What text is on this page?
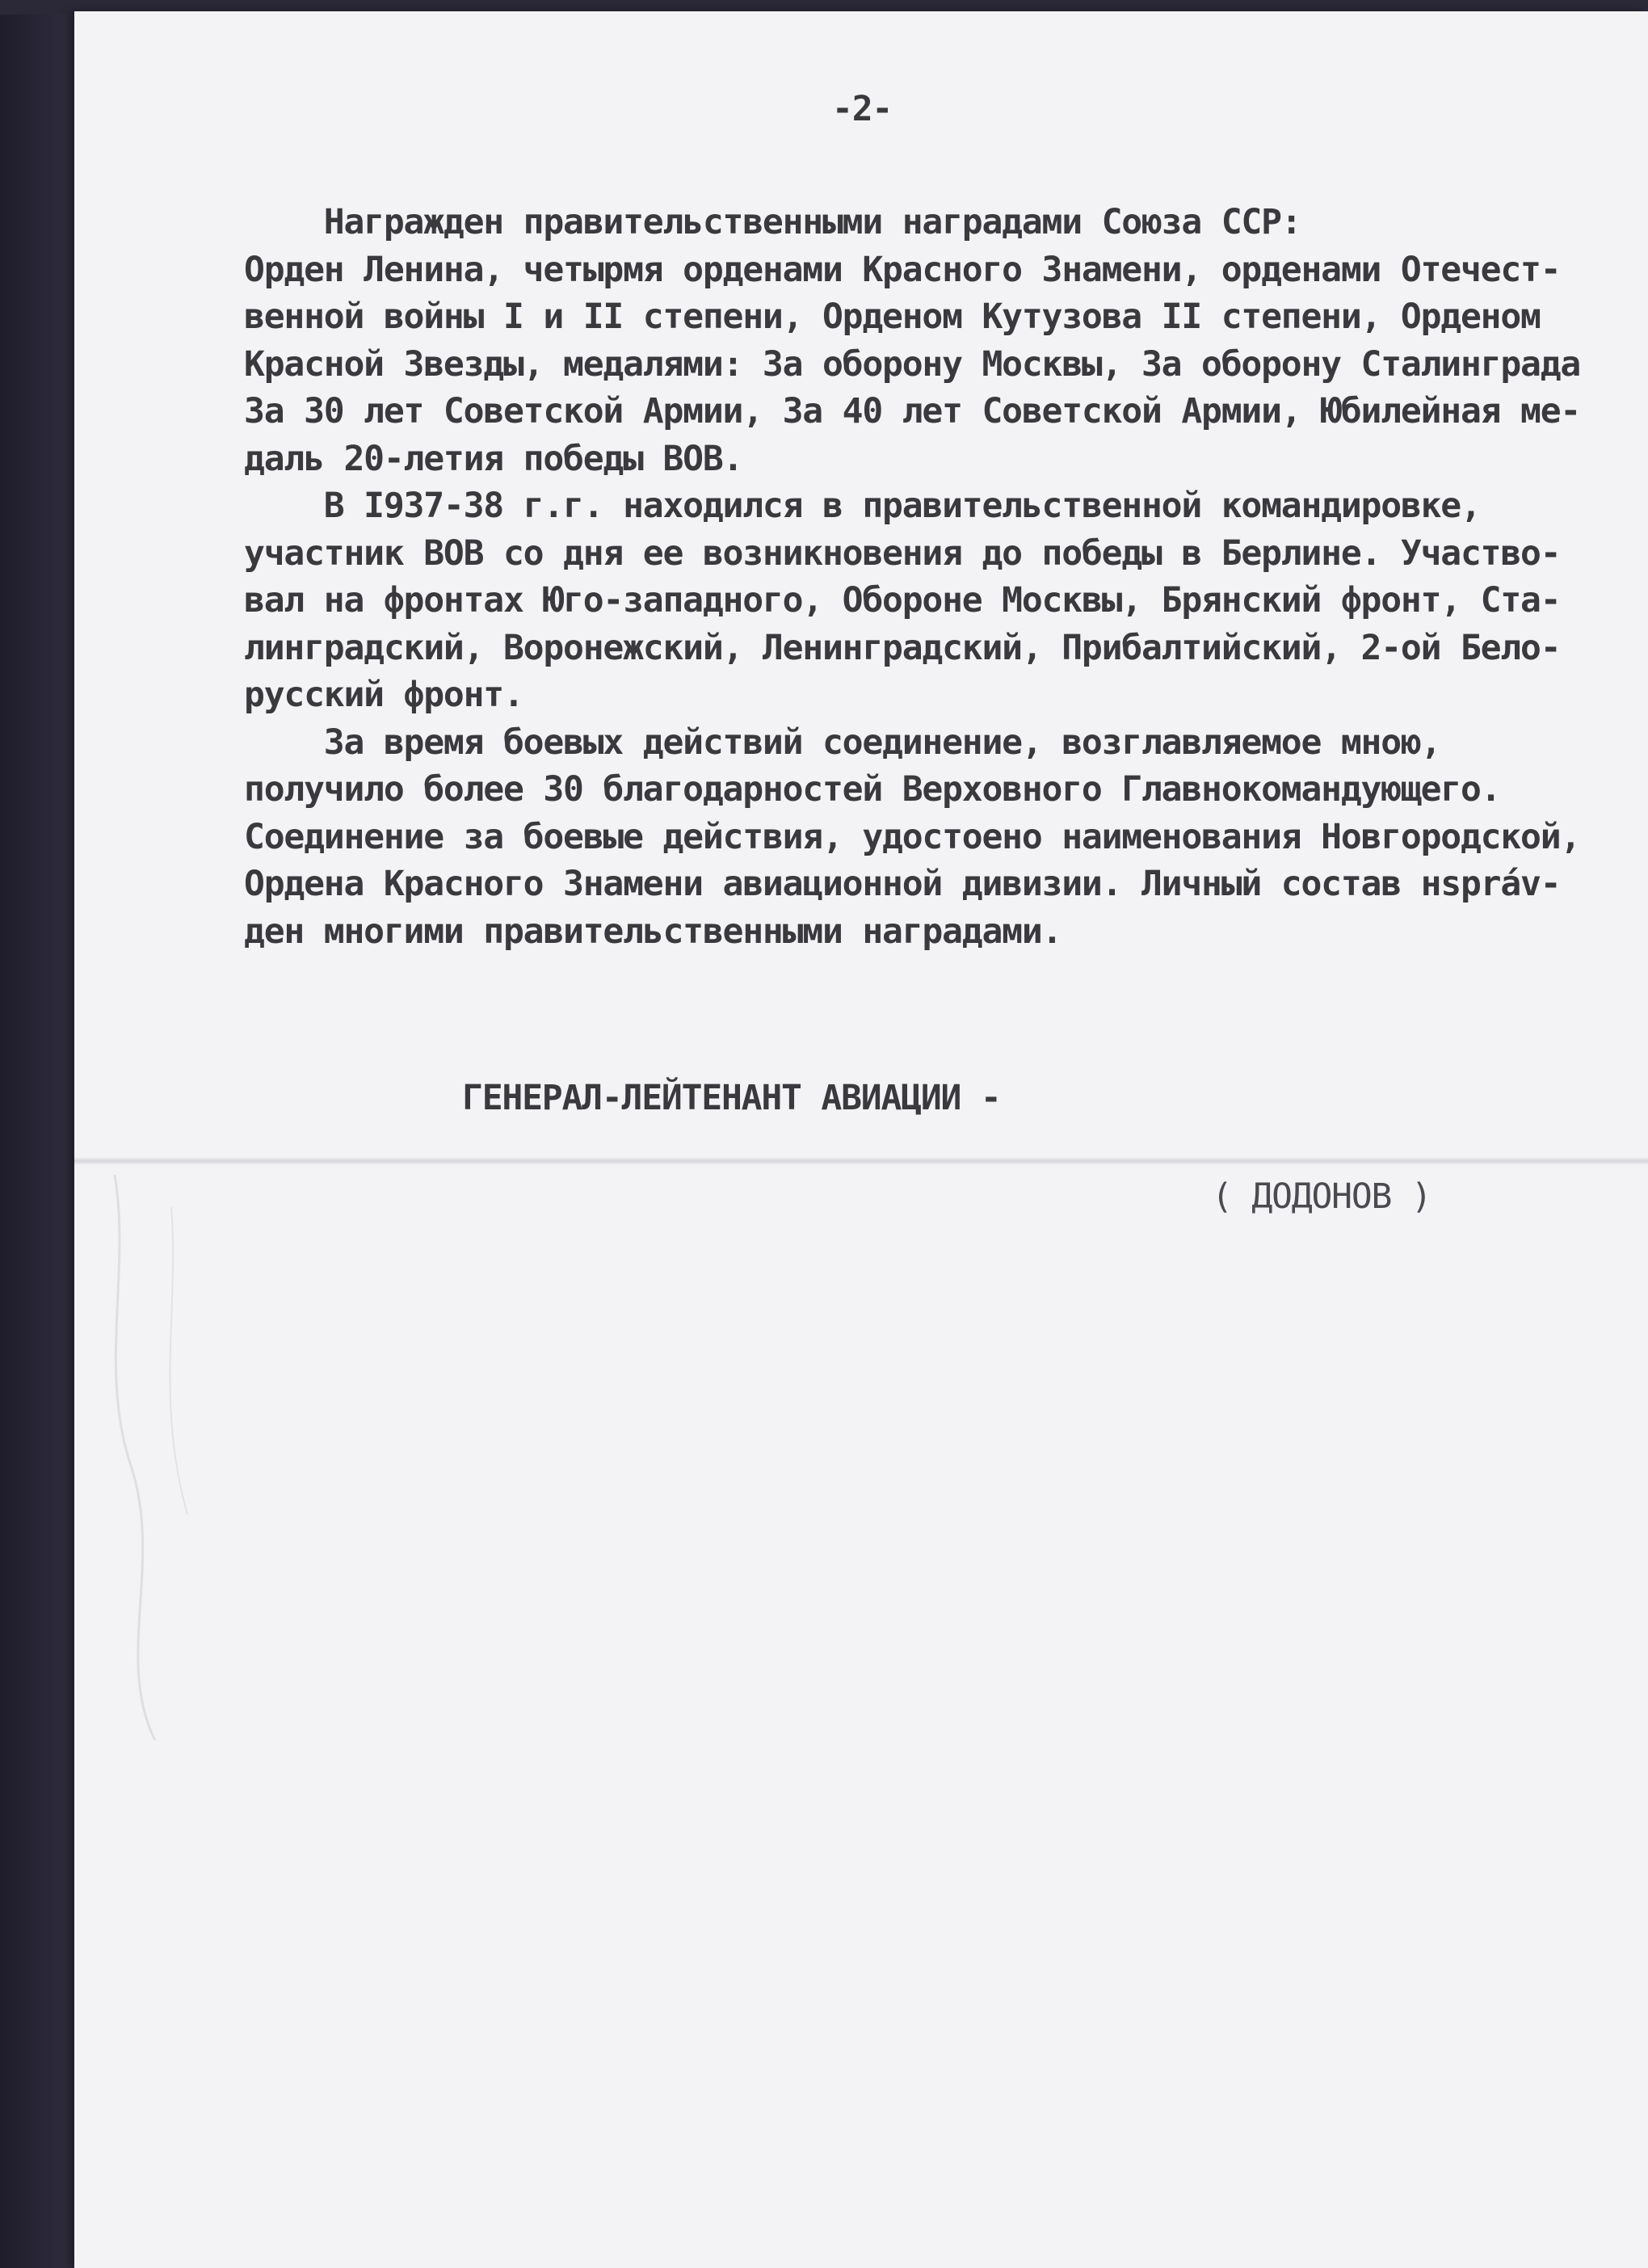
-2-
Награжден правительственными наградами Союза ССР:
Орден Ленина, четырмя орденами Красного Знамени, орденами Отечест-
венной войны I и II степени, Орденом Кутузова II степени, Орденом
Красной Звезды, медалями: За оборону Москвы, За оборону Сталинграда
За 30 лет Советской Армии, За 40 лет Советской Армии, Юбилейная ме-
даль 20-летия победы ВОВ.
В I937-38 г.г. находился в правительственной командировке,
участник ВОВ со дня ее возникновения до победы в Берлине. Участво-
вал на фронтах Юго-западного, Обороне Москвы, Брянский фронт, Ста-
линградский, Воронежский, Ленинградский, Прибалтийский, 2-ой Бело-
русский фронт.
За время боевых действий соединение, возглавляемое мною,
получило более 30 благодарностей Верховного Главнокомандующего.
Соединение за боевые действия, удостоено наименования Новгородской,
Ордена Красного Знамени авиационной дивизии. Личный состав нspráv-
ден многими правительственными наградами.
ГЕНЕРАЛ-ЛЕЙТЕНАНТ АВИАЦИИ -
( ДОДОНОВ )
